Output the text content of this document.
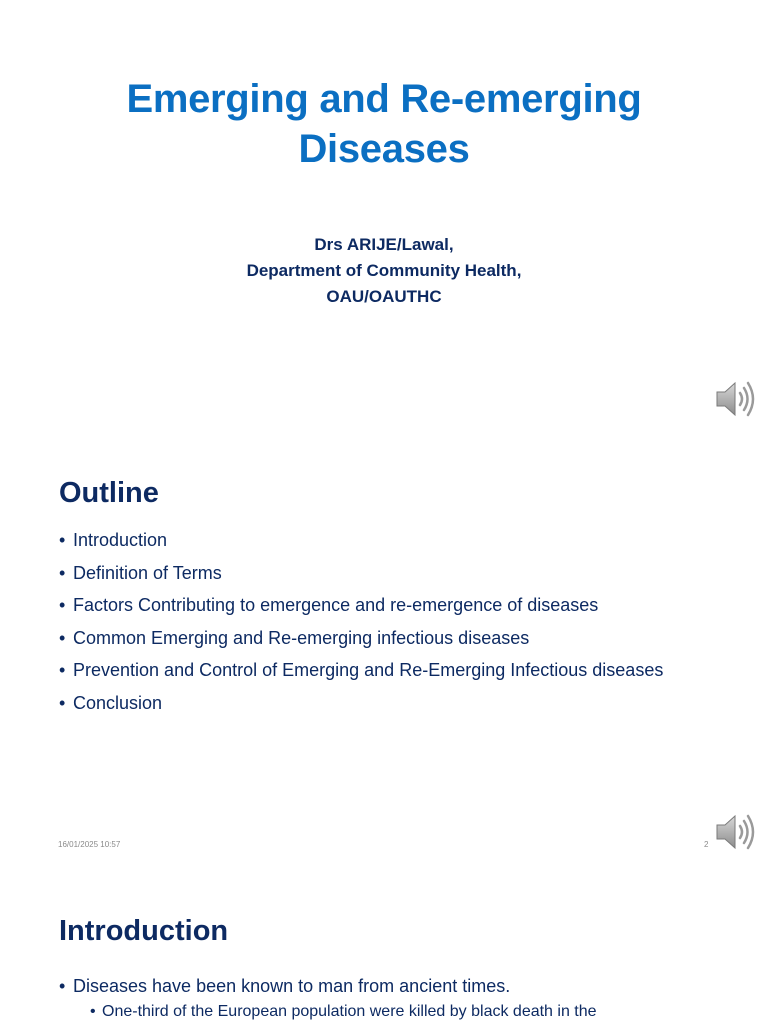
Emerging and Re-emerging
Diseases
Drs ARIJE/Lawal,
Department of Community Health,
OAU/OAUTHC
Outline
• Introduction
• Definition of Terms
• Factors Contributing to emergence and re-emergence of diseases
• Common Emerging and Re-emerging infectious diseases
• Prevention and Control of Emerging and Re-Emerging Infectious diseases
• Conclusion
16/01/2025 10:57	2
Introduction
• Diseases have been known to man from ancient times.
• One-third of the European population were killed by black death in the
